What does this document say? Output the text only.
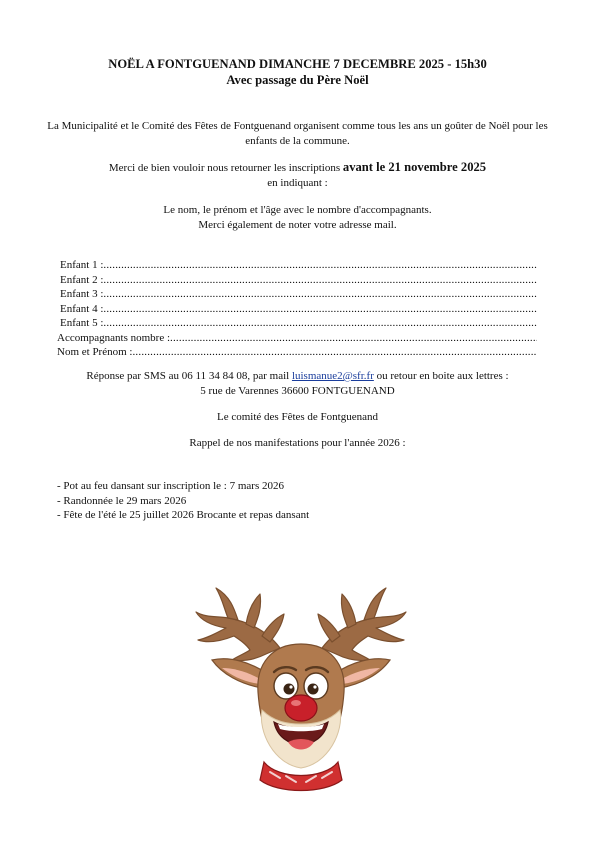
NOËL A FONTGUENAND DIMANCHE 7 DECEMBRE 2025 - 15h30
Avec passage du Père Noël
La Municipalité et le Comité des Fêtes de Fontguenand organisent comme tous les ans un goûter de Noël pour les enfants de la commune.
Merci de bien vouloir nous retourner les inscriptions avant le 21 novembre 2025
en indiquant :
Le nom, le prénom et l'âge avec le nombre d'accompagnants.
Merci également de noter votre adresse mail.
Enfant 1 :
.....
Enfant 2 :
.....
Enfant 3 :
.....
Enfant 4 :
.....
Enfant 5 :
.....
Accompagnants nombre :
.....
Nom et Prénom :
.....
Réponse par SMS au 06 11 34 84 08, par mail luismanue2@sfr.fr ou retour en boite aux lettres :
5 rue de Varennes 36600 FONTGUENAND
Le comité des Fêtes de Fontguenand
Rappel de nos manifestations pour l'année 2026 :
- Pot au feu dansant sur inscription le : 7 mars 2026
- Randonnée le 29 mars 2026
- Fête de l'été le 25 juillet 2026 Brocante et repas dansant
